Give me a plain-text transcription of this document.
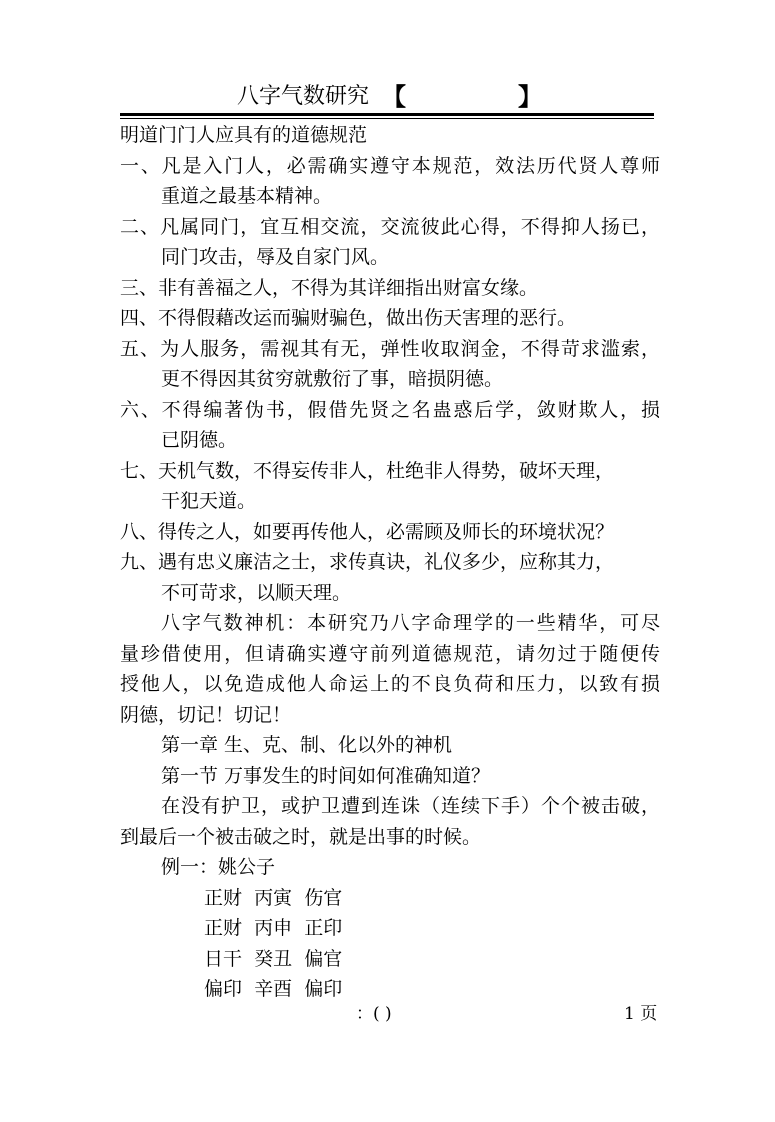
八字气数研究 【	】
明道门门人应具有的道德规范
一、凡是入门人，必需确实遵守本规范，效法历代贤人尊师
重道之最基本精神。
二、凡属同门，宜互相交流，交流彼此心得，不得抑人扬已，
同门攻击，辱及自家门风。
三、非有善福之人，不得为其详细指出财富女缘。
四、不得假藉改运而骗财骗色，做出伤天害理的恶行。
五、为人服务，需视其有无，弹性收取润金，不得苛求滥索，
更不得因其贫穷就敷衍了事，暗损阴德。
六、不得编著伪书，假借先贤之名蛊惑后学，敛财欺人，损
已阴德。
七、天机气数，不得妄传非人，杜绝非人得势，破坏天理，
干犯天道。
八、得传之人，如要再传他人，必需顾及师长的环境状况？
九、遇有忠义廉洁之士，求传真诀，礼仪多少，应称其力，
不可苛求，以顺天理。
八字气数神机：本研究乃八字命理学的一些精华，可尽
量珍借使用，但请确实遵守前列道德规范，请勿过于随便传
授他人，以免造成他人命运上的不良负荷和压力，以致有损
阴德，切记！切记！
第一章 生、克、制、化以外的神机
第一节 万事发生的时间如何准确知道？
在没有护卫，或护卫遭到连诛（连续下手）个个被击破，
到最后一个被击破之时，就是出事的时候。
例一：姚公子
正财 丙寅 伤官
正财 丙申 正印
日干 癸丑 偏官
偏印 辛酉 偏印
：( )	1 页
